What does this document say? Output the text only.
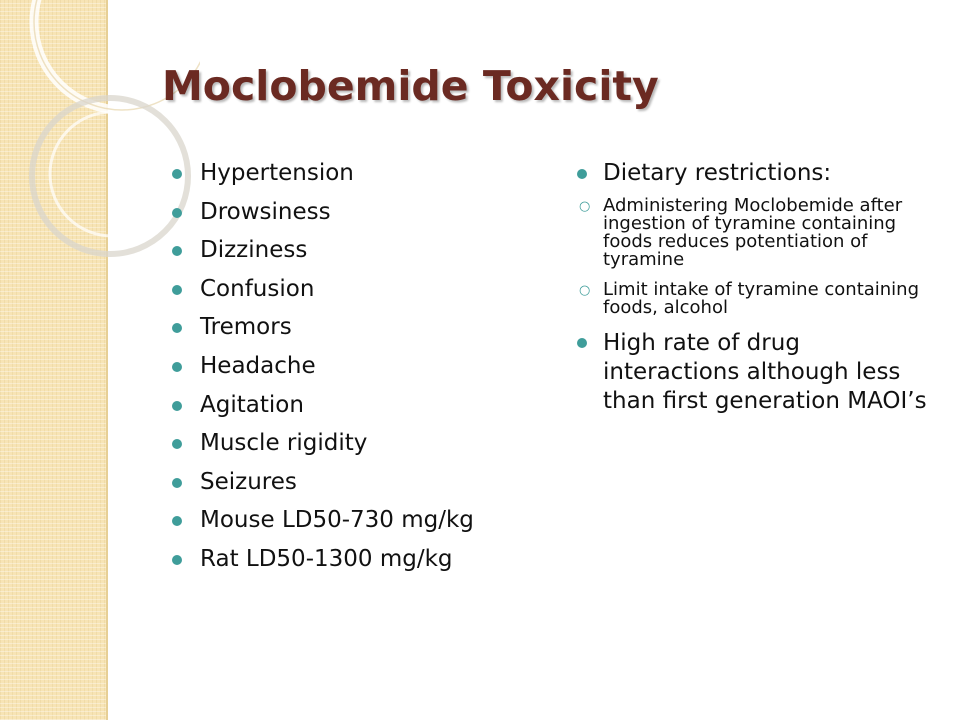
Moclobemide Toxicity
Hypertension
Drowsiness
Dizziness
Confusion
Tremors
Headache
Agitation
Muscle rigidity
Seizures
Mouse LD50-730 mg/kg
Rat LD50-1300 mg/kg
Dietary restrictions:
○ Administering Moclobemide after ingestion of tyramine containing foods reduces potentiation of tyramine
○ Limit intake of tyramine containing foods, alcohol
High rate of drug interactions although less than first generation MAOI’s
